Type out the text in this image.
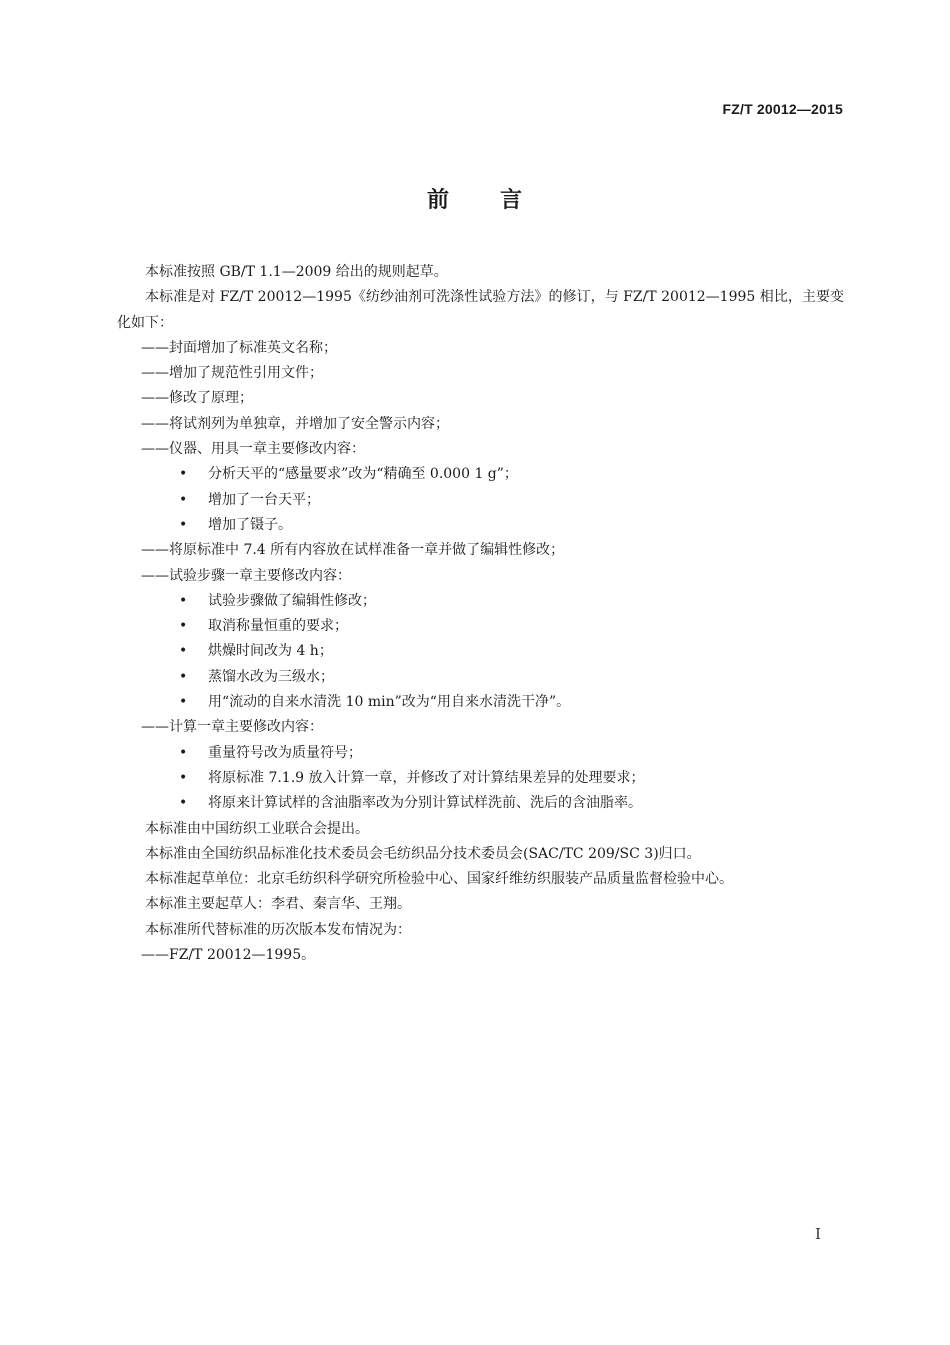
FZ/T 20012—2015
前 言

本标准按照 GB/T 1.1—2009 给出的规则起草。

本标准是对 FZ/T 20012—1995《纺纱油剂可洗涤性试验方法》的修订，与 FZ/T 20012—1995 相比，主要变化如下：

——封面增加了标准英文名称；

——增加了规范性引用文件；

——修改了原理；

——将试剂列为单独章，并增加了安全警示内容；

——仪器、用具一章主要修改内容：

• 分析天平的“感量要求”改为“精确至 0.000 1 g”；

• 增加了一台天平；

• 增加了镊子。

——将原标准中 7.4 所有内容放在试样准备一章并做了编辑性修改；

——试验步骤一章主要修改内容：

• 试验步骤做了编辑性修改；

• 取消称量恒重的要求；

• 烘燥时间改为 4 h；

• 蒸馏水改为三级水；

• 用“流动的自来水清洗 10 min”改为“用自来水清洗干净”。

——计算一章主要修改内容：

• 重量符号改为质量符号；

• 将原标准 7.1.9 放入计算一章，并修改了对计算结果差异的处理要求；

• 将原来计算试样的含油脂率改为分别计算试样洗前、洗后的含油脂率。

本标准由中国纺织工业联合会提出。

本标准由全国纺织品标准化技术委员会毛纺织品分技术委员会(SAC/TC 209/SC 3)归口。

本标准起草单位：北京毛纺织科学研究所检验中心、国家纤维纺织服装产品质量监督检验中心。

本标准主要起草人：李君、秦言华、王翔。

本标准所代替标准的历次版本发布情况为：

——FZ/T 20012—1995。

I
